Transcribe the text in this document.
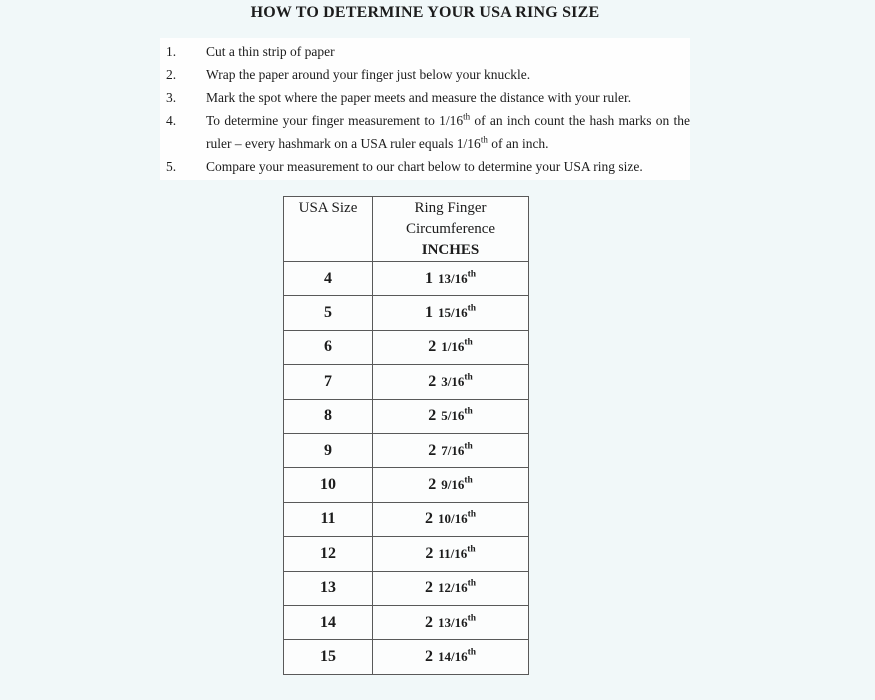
HOW TO DETERMINE YOUR USA RING SIZE
1.	Cut a thin strip of paper
2.	Wrap the paper around your finger just below your knuckle.
3.	Mark the spot where the paper meets and measure the distance with your ruler.
4.	To determine your finger measurement to 1/16th of an inch count the hash marks on the
ruler – every hashmark on a USA ruler equals 1/16th of an inch.
5.	Compare your measurement to our chart below to determine your USA ring size.
USA Size	Ring Finger
Circumference
INCHES

4	1 13/16th
5	1 15/16th
6	2 1/16th
7	2 3/16th
8	2 5/16th
9	2 7/16th
10	2 9/16th
11	2 10/16th
12	2 11/16th
13	2 12/16th
14	2 13/16th
15	2 14/16th
